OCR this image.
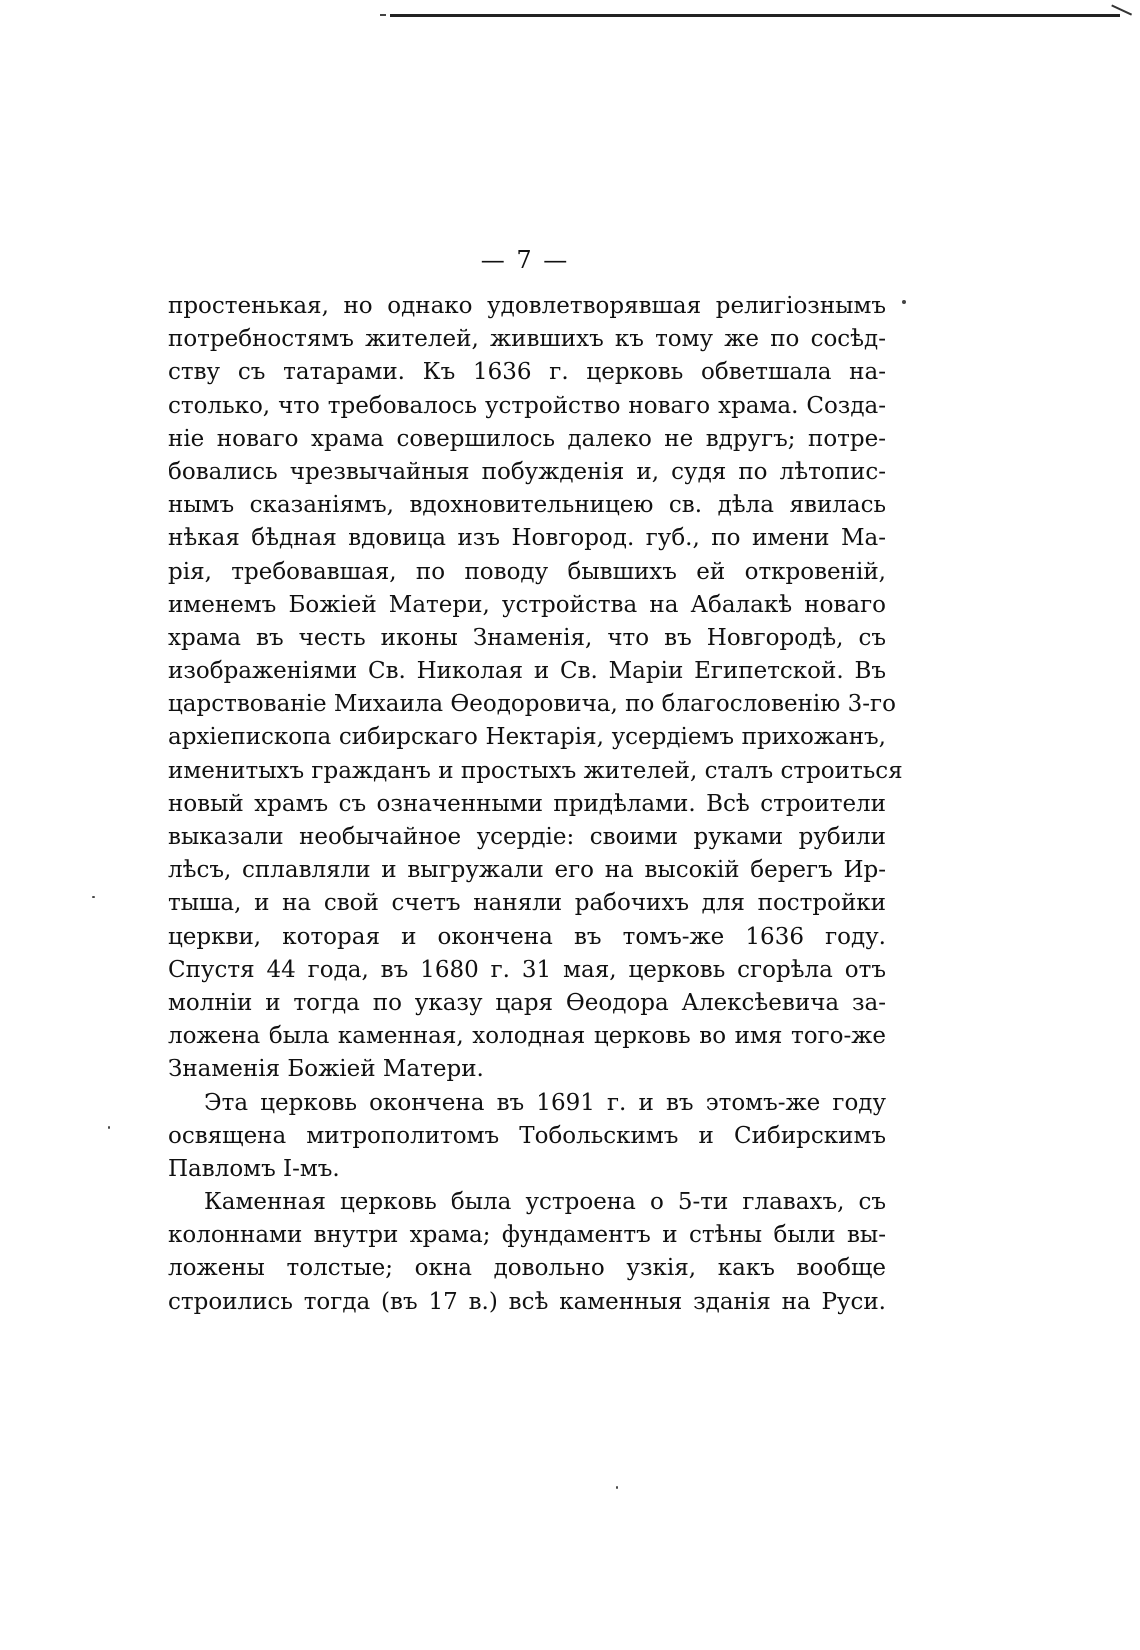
— 7 —
простенькая, но однако удовлетворявшая религіознымъ
потребностямъ жителей, жившихъ къ тому же по сосѣд-
ству съ татарами. Къ 1636 г. церковь обветшала на-
столько, что требовалось устройство новаго храма. Созда-
ніе новаго храма совершилось далеко не вдругъ; потре-
бовались чрезвычайныя побужденія и, судя по лѣтопис-
нымъ сказаніямъ, вдохновительницею св. дѣла явилась
нѣкая бѣдная вдовица изъ Новгород. губ., по имени Ма-
рія, требовавшая, по поводу бывшихъ ей откровеній,
именемъ Божіей Матери, устройства на Абалакѣ новаго
храма въ честь иконы Знаменія, что въ Новгородѣ, съ
изображеніями Св. Николая и Св. Маріи Египетской. Въ
царствованіе Михаила Өеодоровича, по благословенію 3-го
архіепископа сибирскаго Нектарія, усердіемъ прихожанъ,
именитыхъ гражданъ и простыхъ жителей, сталъ строиться
новый храмъ съ означенными придѣлами. Всѣ строители
выказали необычайное усердіе: своими руками рубили
лѣсъ, сплавляли и выгружали его на высокій берегъ Ир-
тыша, и на свой счетъ наняли рабочихъ для постройки
церкви, которая и окончена въ томъ-же 1636 году.
Спустя 44 года, въ 1680 г. 31 мая, церковь сгорѣла отъ
молніи и тогда по указу царя Өеодора Алексѣевича за-
ложена была каменная, холодная церковь во имя того-же
Знаменія Божіей Матери.
Эта церковь окончена въ 1691 г. и въ этомъ-же году
освящена митрополитомъ Тобольскимъ и Сибирскимъ
Павломъ І-мъ.
Каменная церковь была устроена о 5-ти главахъ, съ
колоннами внутри храма; фундаментъ и стѣны были вы-
ложены толстые; окна довольно узкія, какъ вообще
строились тогда (въ 17 в.) всѣ каменныя зданія на Руси.
